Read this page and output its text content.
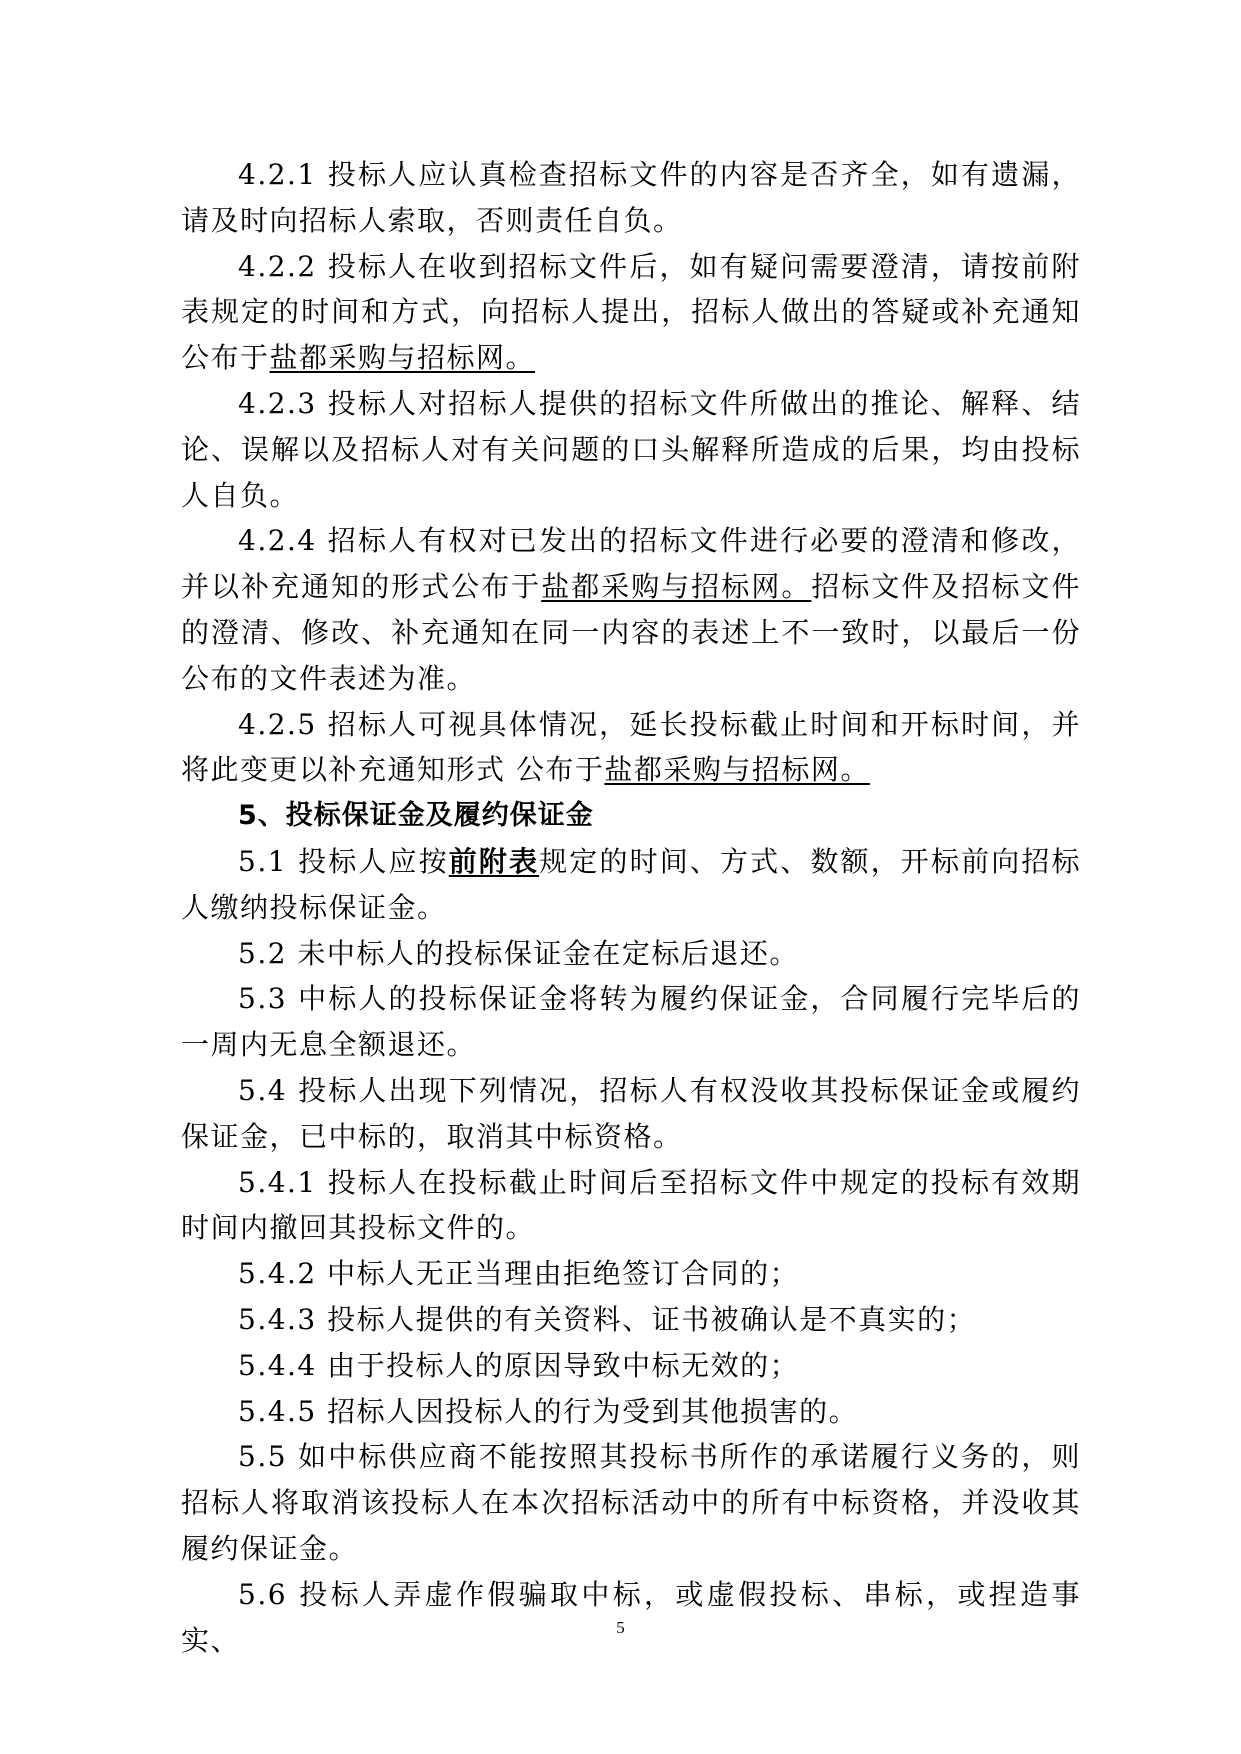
4.2.1 投标人应认真检查招标文件的内容是否齐全，如有遗漏，请及时向招标人索取，否则责任自负。

4.2.2 投标人在收到招标文件后，如有疑问需要澄清，请按前附表规定的时间和方式，向招标人提出，招标人做出的答疑或补充通知公布于盐都采购与招标网。

4.2.3 投标人对招标人提供的招标文件所做出的推论、解释、结论、误解以及招标人对有关问题的口头解释所造成的后果，均由投标人自负。

4.2.4 招标人有权对已发出的招标文件进行必要的澄清和修改，并以补充通知的形式公布于盐都采购与招标网。招标文件及招标文件的澄清、修改、补充通知在同一内容的表述上不一致时，以最后一份公布的文件表述为准。

4.2.5 招标人可视具体情况，延长投标截止时间和开标时间，并将此变更以补充通知形式 公布于盐都采购与招标网。

5、投标保证金及履约保证金

5.1 投标人应按前附表规定的时间、方式、数额，开标前向招标人缴纳投标保证金。

5.2 未中标人的投标保证金在定标后退还。

5.3 中标人的投标保证金将转为履约保证金，合同履行完毕后的一周内无息全额退还。

5.4 投标人出现下列情况，招标人有权没收其投标保证金或履约保证金，已中标的，取消其中标资格。

5.4.1 投标人在投标截止时间后至招标文件中规定的投标有效期时间内撤回其投标文件的。

5.4.2 中标人无正当理由拒绝签订合同的；

5.4.3 投标人提供的有关资料、证书被确认是不真实的；

5.4.4 由于投标人的原因导致中标无效的；

5.4.5 招标人因投标人的行为受到其他损害的。

5.5 如中标供应商不能按照其投标书所作的承诺履行义务的，则招标人将取消该投标人在本次招标活动中的所有中标资格，并没收其履约保证金。

5.6 投标人弄虚作假骗取中标，或虚假投标、串标，或捏造事实、	5
